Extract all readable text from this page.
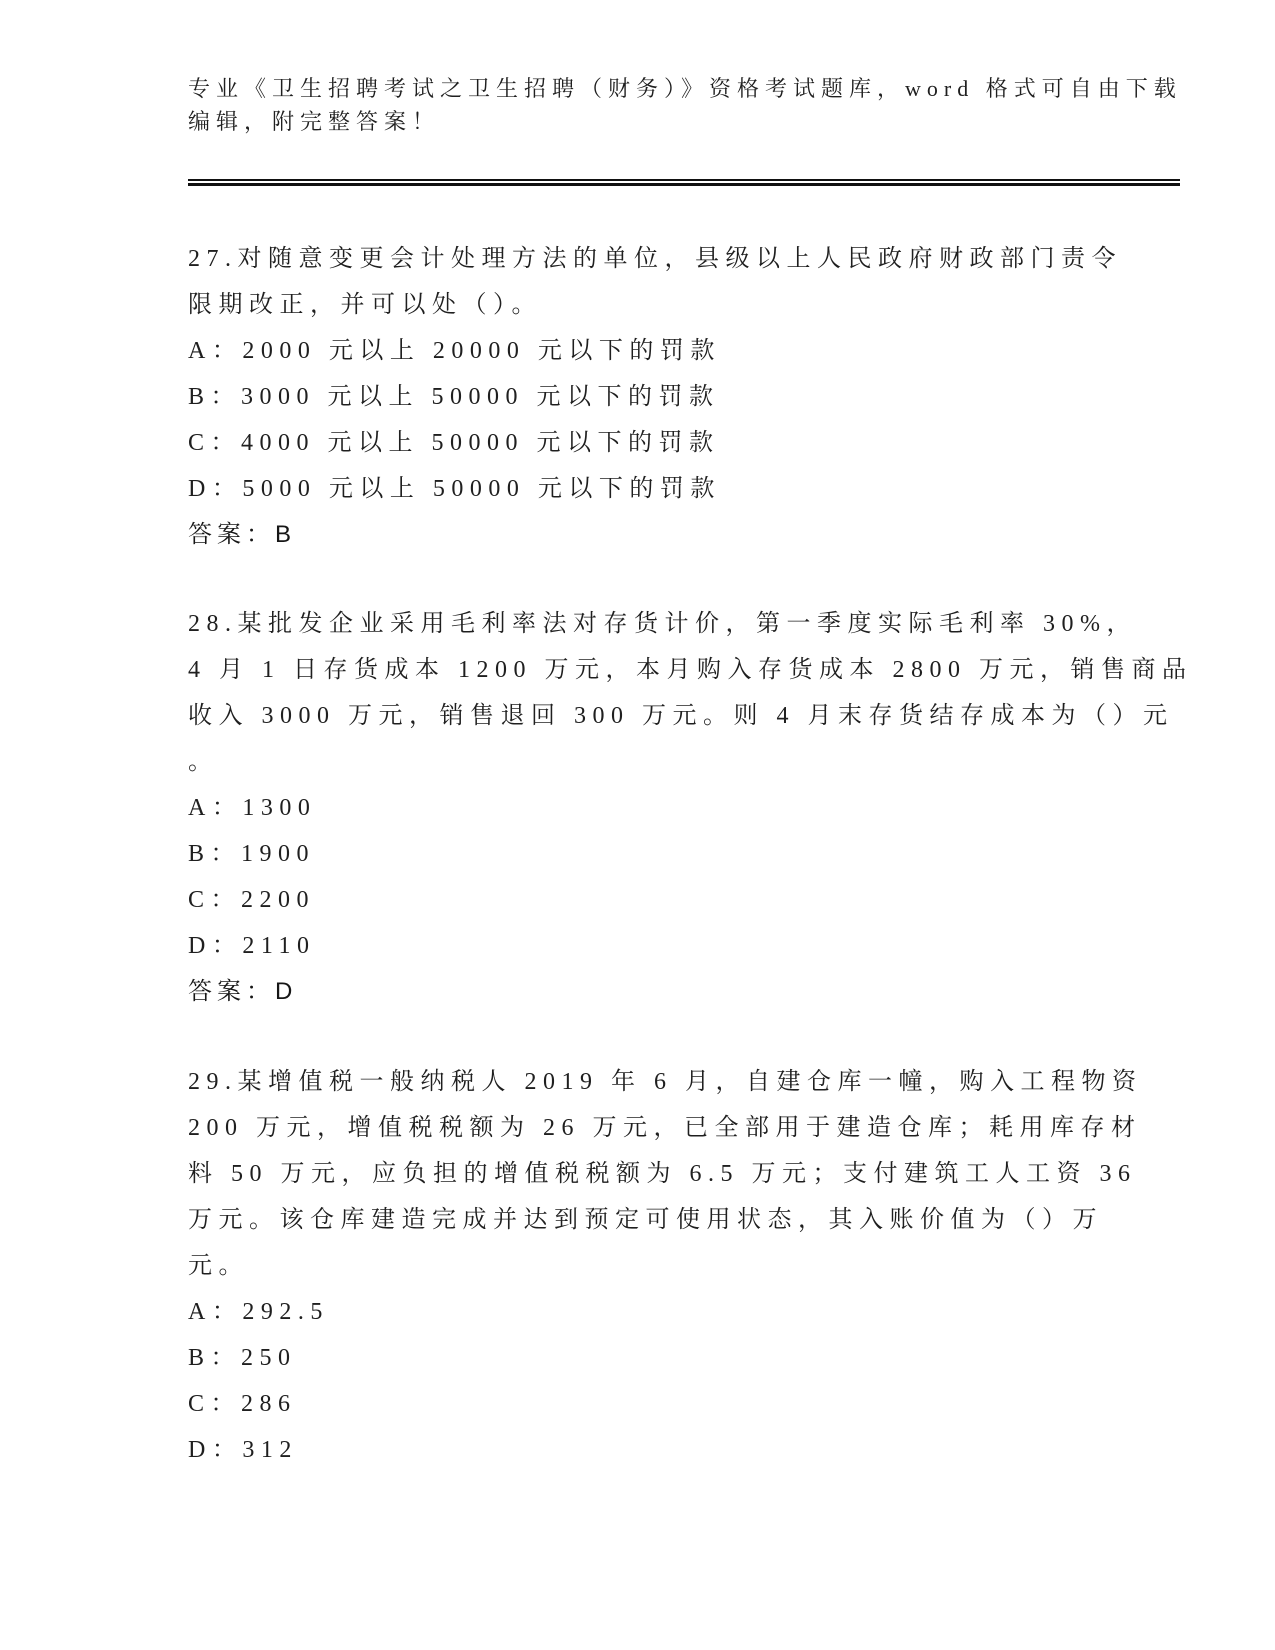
专业《卫生招聘考试之卫生招聘（财务）》资格考试题库，word 格式可自由下载
编辑，附完整答案！
27.对随意变更会计处理方法的单位，县级以上人民政府财政部门责令
限期改正，并可以处（）。
A：2000 元以上 20000 元以下的罚款
B：3000 元以上 50000 元以下的罚款
C：4000 元以上 50000 元以下的罚款
D：5000 元以上 50000 元以下的罚款
答案：B
28.某批发企业采用毛利率法对存货计价，第一季度实际毛利率 30%，
4 月 1 日存货成本 1200 万元，本月购入存货成本 2800 万元，销售商品
收入 3000 万元，销售退回 300 万元。则 4 月末存货结存成本为（）元
。
A：1300
B：1900
C：2200
D：2110
答案：D
29.某增值税一般纳税人 2019 年 6 月，自建仓库一幢，购入工程物资
200 万元，增值税税额为 26 万元，已全部用于建造仓库；耗用库存材
料 50 万元，应负担的增值税税额为 6.5 万元；支付建筑工人工资 36
万元。该仓库建造完成并达到预定可使用状态，其入账价值为（）万
元。
A：292.5
B：250
C：286
D：312
